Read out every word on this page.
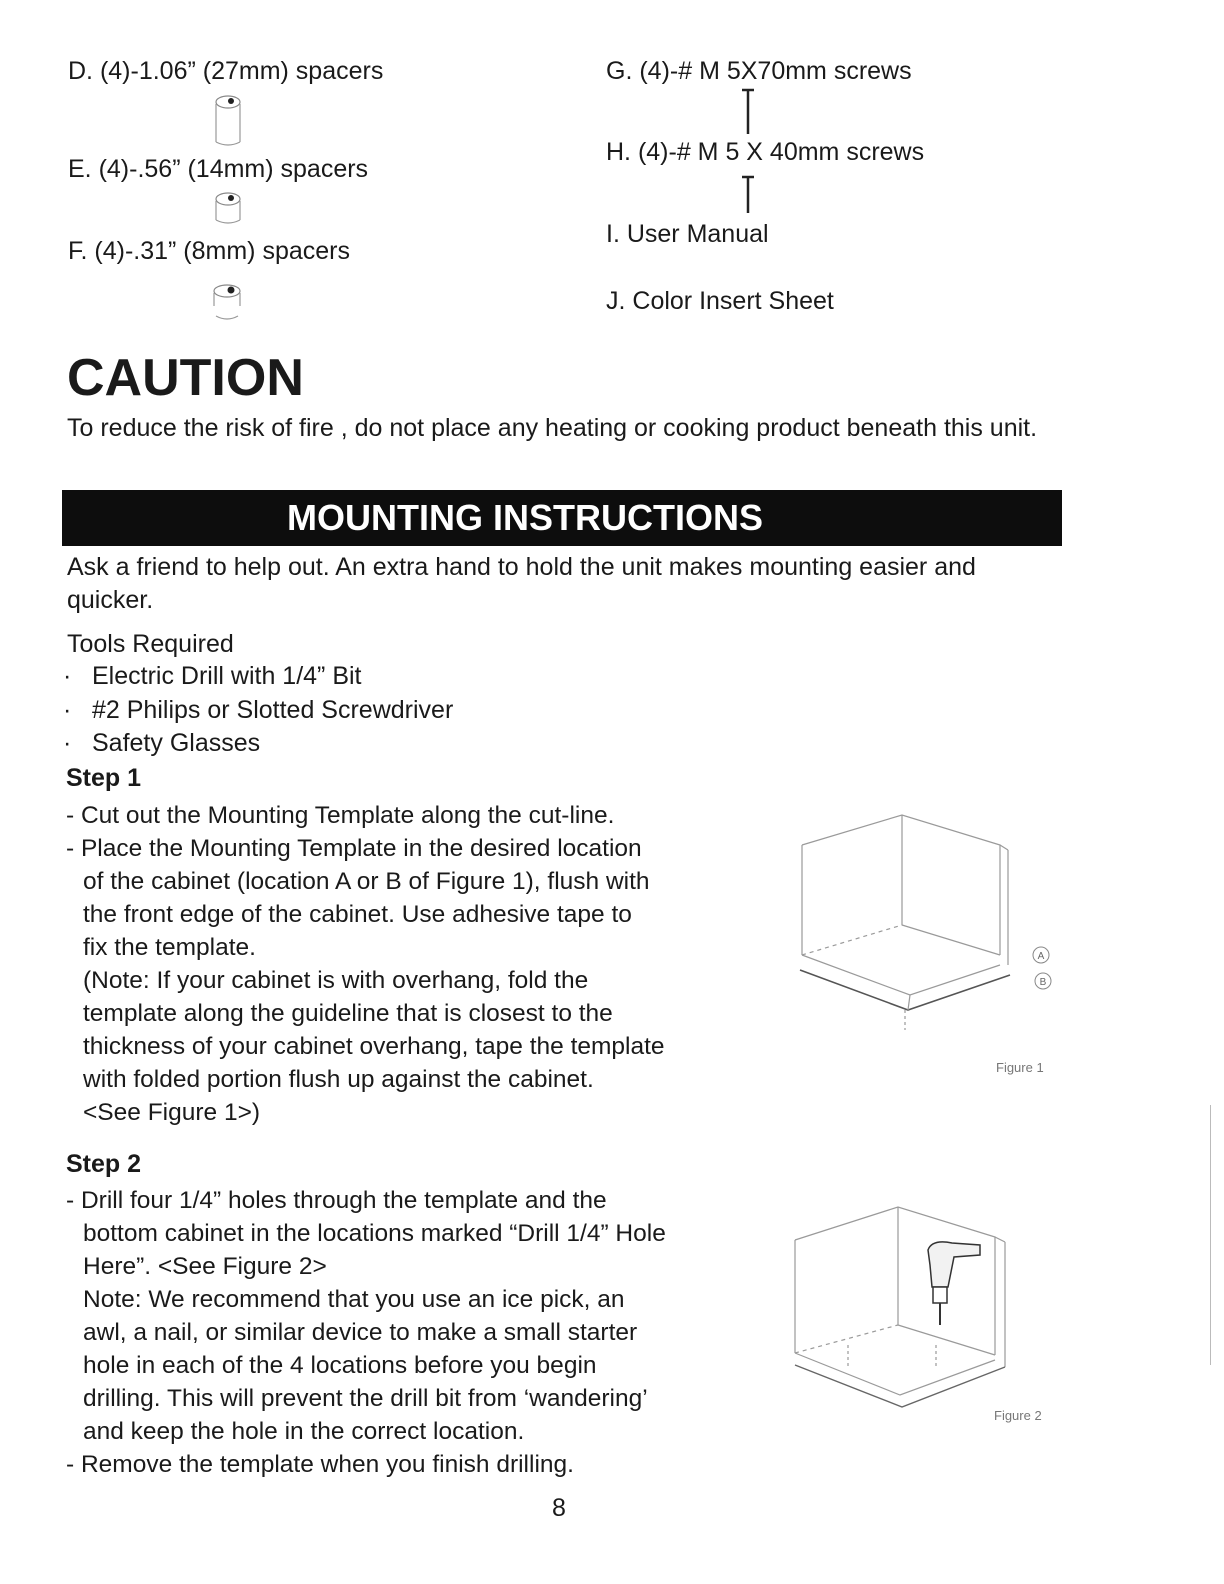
D. (4)-1.06” (27mm) spacers
E. (4)-.56” (14mm) spacers
F. (4)-.31” (8mm) spacers
G. (4)-# M 5X70mm screws
H. (4)-# M 5 X 40mm screws
I. User Manual
J. Color Insert Sheet
CAUTION
To reduce the risk of fire , do not place any heating or cooking product beneath this unit.
MOUNTING INSTRUCTIONS
Ask a friend to help out. An extra hand to hold the unit makes mounting easier and quicker.
Tools Required
· Electric Drill with 1/4” Bit
· #2 Philips or Slotted Screwdriver
· Safety Glasses
Step 1
- Cut out the Mounting Template along the cut-line.
- Place the Mounting Template in the desired location
of the cabinet (location A or B of Figure 1), flush with
the front edge of the cabinet. Use adhesive tape to
fix the template.
(Note: If your cabinet is with overhang, fold the
template along the guideline that is closest to the
thickness of your cabinet overhang, tape the template
with folded portion flush up against the cabinet.
<See Figure 1>)
A
B
Figure 1
Step 2
- Drill four 1/4” holes through the template and the
bottom cabinet in the locations marked “Drill 1/4” Hole
Here”. <See Figure 2>
Note: We recommend that you use an ice pick, an
awl, a nail, or similar device to make a small starter
hole in each of the 4 locations before you begin
drilling. This will prevent the drill bit from ‘wandering’
and keep the hole in the correct location.
- Remove the template when you finish drilling.
Figure 2
8
